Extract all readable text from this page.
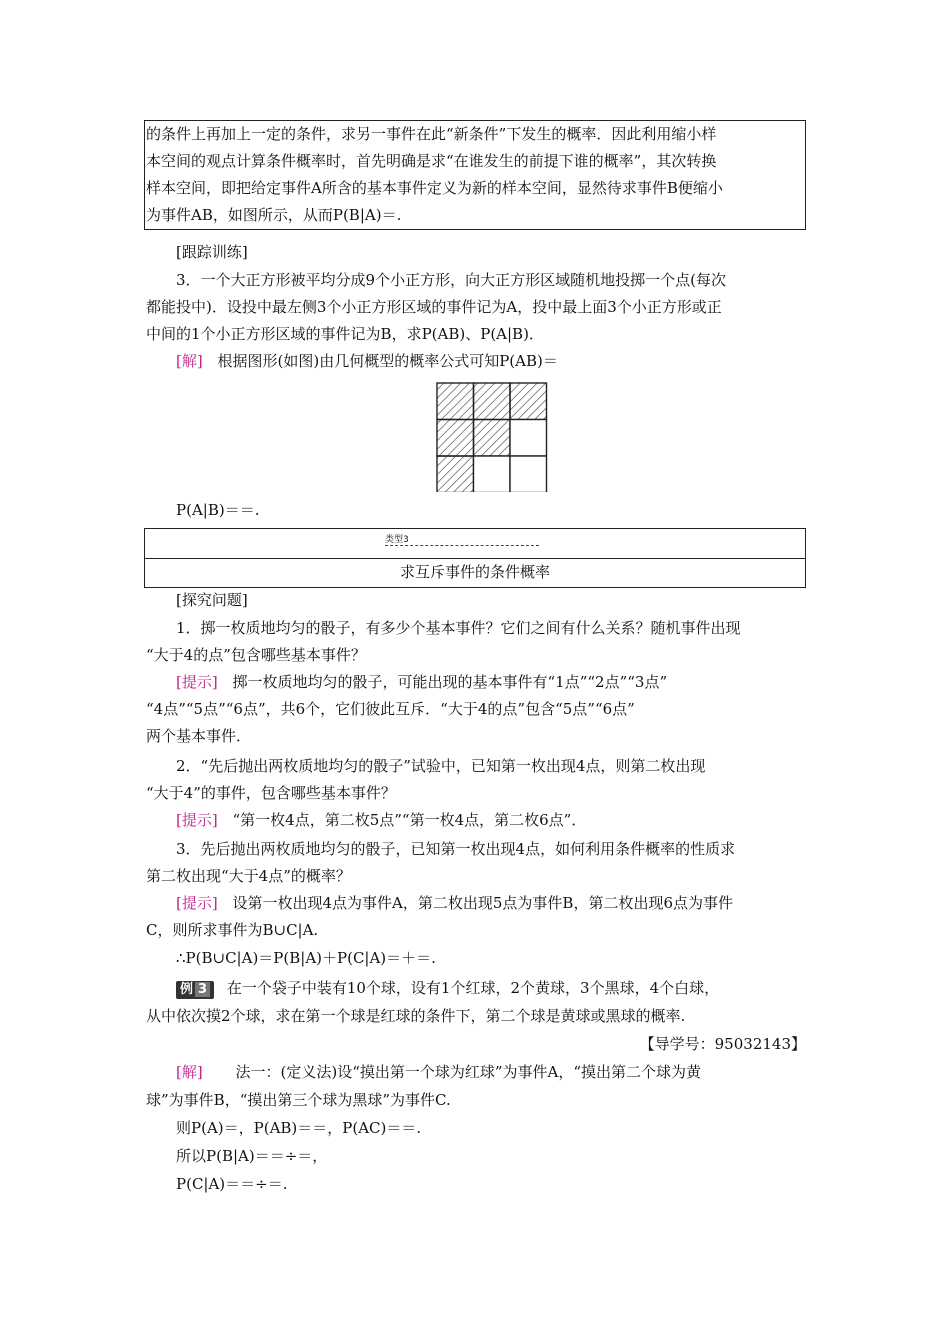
的条件上再加上一定的条件，求另一事件在此“新条件”下发生的概率．因此利用缩小样
本空间的观点计算条件概率时，首先明确是求“在谁发生的前提下谁的概率”，其次转换
样本空间，即把给定事件A所含的基本事件定义为新的样本空间，显然待求事件B便缩小
为事件AB，如图所示，从而P(B|A)＝.
[跟踪训练]
3．一个大正方形被平均分成9个小正方形，向大正方形区域随机地投掷一个点(每次
都能投中)．设投中最左侧3个小正方形区域的事件记为A，投中最上面3个小正方形或正
中间的1个小正方形区域的事件记为B，求P(AB)、P(A|B)．
[解] 根据图形(如图)由几何概型的概率公式可知P(AB)＝
P(A|B)＝＝.
类型3
求互斥事件的条件概率
[探究问题]
1．掷一枚质地均匀的骰子，有多少个基本事件？它们之间有什么关系？随机事件出现
“大于4的点”包含哪些基本事件？
[提示] 掷一枚质地均匀的骰子，可能出现的基本事件有“1点”“2点”“3点”
“4点”“5点”“6点”，共6个，它们彼此互斥．“大于4的点”包含“5点”“6点”
两个基本事件．
2．“先后抛出两枚质地均匀的骰子”试验中，已知第一枚出现4点，则第二枚出现
“大于4”的事件，包含哪些基本事件？
[提示] “第一枚4点，第二枚5点”“第一枚4点，第二枚6点”．
3．先后抛出两枚质地均匀的骰子，已知第一枚出现4点，如何利用条件概率的性质求
第二枚出现“大于4点”的概率？
[提示] 设第一枚出现4点为事件A，第二枚出现5点为事件B，第二枚出现6点为事件
C，则所求事件为B∪C|A.
∴P(B∪C|A)＝P(B|A)＋P(C|A)＝＋＝.
例 3 在一个袋子中装有10个球，设有1个红球，2个黄球，3个黑球，4个白球，
从中依次摸2个球，求在第一个球是红球的条件下，第二个球是黄球或黑球的概率.
【导学号：95032143】
[解] 法一：(定义法)设“摸出第一个球为红球”为事件A，“摸出第二个球为黄
球”为事件B，“摸出第三个球为黑球”为事件C.
则P(A)＝，P(AB)＝＝，P(AC)＝＝.
所以P(B|A)＝＝÷＝，
P(C|A)＝＝÷＝.
